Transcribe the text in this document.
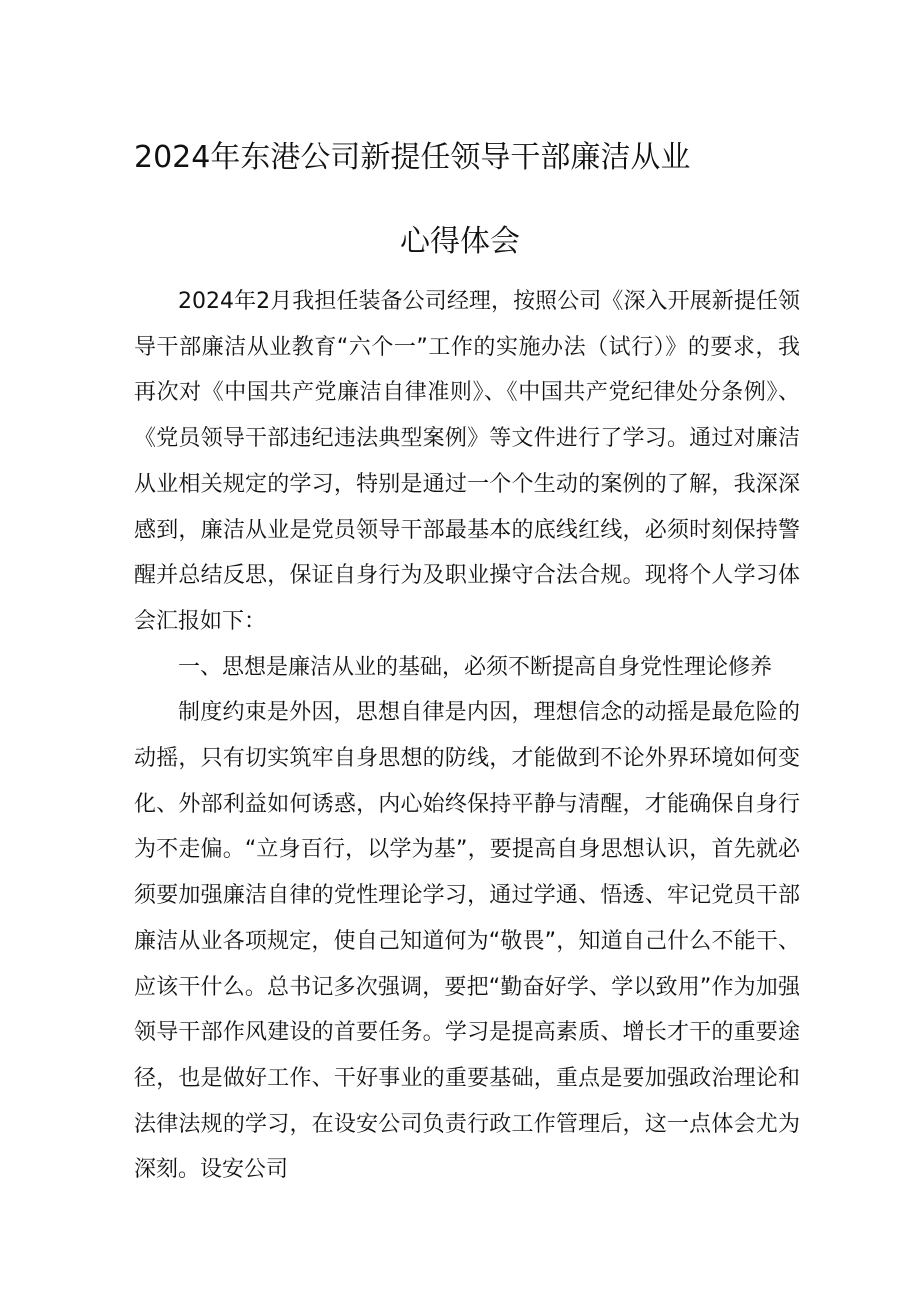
2024年东港公司新提任领导干部廉洁从业
心得体会

2024年2月我担任装备公司经理，按照公司《深入开展新提任领导干部廉洁从业教育“六个一”工作的实施办法（试行）》的要求，我再次对《中国共产党廉洁自律准则》、《中国共产党纪律处分条例》、《党员领导干部违纪违法典型案例》等文件进行了学习。通过对廉洁从业相关规定的学习，特别是通过一个个生动的案例的了解，我深深感到，廉洁从业是党员领导干部最基本的底线红线，必须时刻保持警醒并总结反思，保证自身行为及职业操守合法合规。现将个人学习体会汇报如下：

一、思想是廉洁从业的基础，必须不断提高自身党性理论修养

制度约束是外因，思想自律是内因，理想信念的动摇是最危险的动摇，只有切实筑牢自身思想的防线，才能做到不论外界环境如何变化、外部利益如何诱惑，内心始终保持平静与清醒，才能确保自身行为不走偏。“立身百行，以学为基”，要提高自身思想认识，首先就必须要加强廉洁自律的党性理论学习，通过学通、悟透、牢记党员干部廉洁从业各项规定，使自己知道何为“敬畏”，知道自己什么不能干、应该干什么。总书记多次强调，要把“勤奋好学、学以致用”作为加强领导干部作风建设的首要任务。学习是提高素质、增长才干的重要途径，也是做好工作、干好事业的重要基础，重点是要加强政治理论和法律法规的学习，在设安公司负责行政工作管理后，这一点体会尤为深刻。设安公司
